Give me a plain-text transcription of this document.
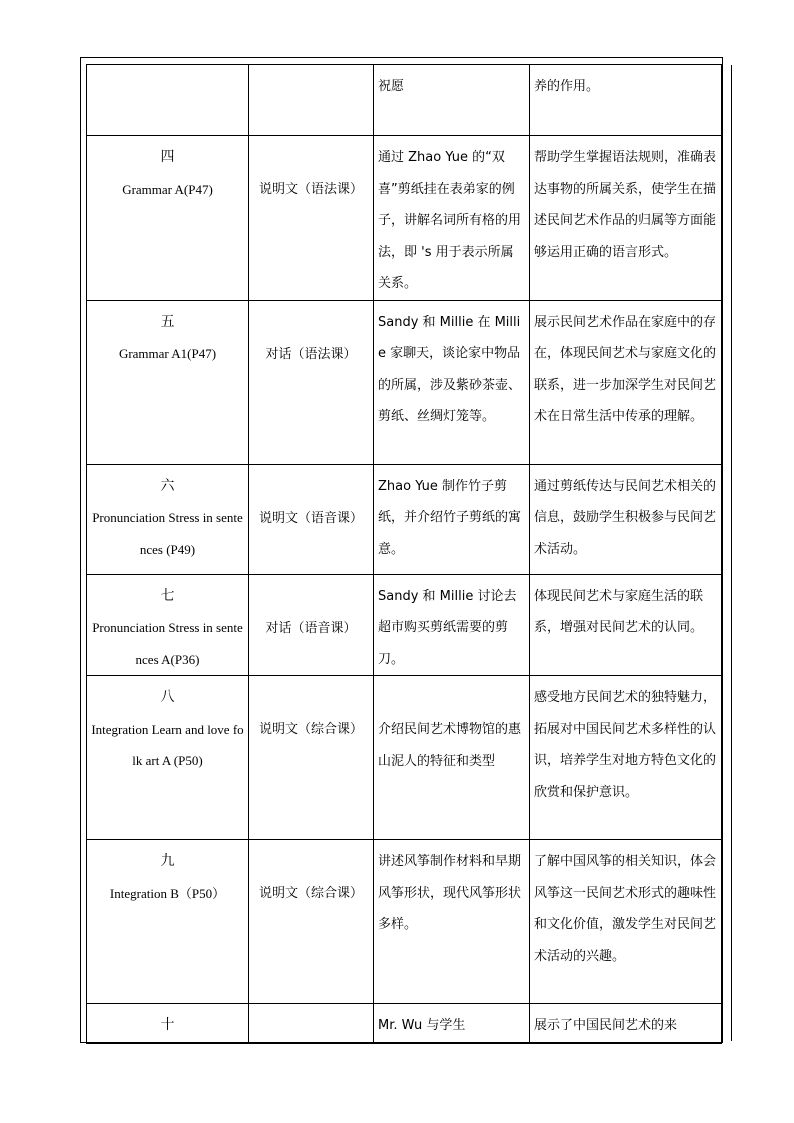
		祝愿	养的作用。

四
Grammar A(P47)	说明文（语法课）	通过 Zhao Yue 的“双喜”剪纸挂在表弟家的例子，讲解名词所有格的用法，即 's 用于表示所属关系。	帮助学生掌握语法规则，准确表达事物的所属关系，使学生在描述民间艺术作品的归属等方面能够运用正确的语言形式。

五
Grammar A1(P47)	对话（语法课）	Sandy 和 Millie 在 Millie 家聊天，谈论家中物品的所属，涉及紫砂茶壶、剪纸、丝绸灯笼等。	展示民间艺术作品在家庭中的存在，体现民间艺术与家庭文化的联系，进一步加深学生对民间艺术在日常生活中传承的理解。

六
Pronunciation Stress in sentences (P49)	说明文（语音课）	Zhao Yue 制作竹子剪纸，并介绍竹子剪纸的寓意。	通过剪纸传达与民间艺术相关的信息，鼓励学生积极参与民间艺术活动。

七
Pronunciation Stress in sentences A(P36)	对话（语音课）	Sandy 和 Millie 讨论去超市购买剪纸需要的剪刀。	体现民间艺术与家庭生活的联系，增强对民间艺术的认同。

八
Integration Learn and love folk art A (P50)	说明文（综合课）	介绍民间艺术博物馆的惠山泥人的特征和类型	感受地方民间艺术的独特魅力，拓展对中国民间艺术多样性的认识，培养学生对地方特色文化的欣赏和保护意识。

九
Integration B（P50）	说明文（综合课）	讲述风筝制作材料和早期风筝形状，现代风筝形状多样。	了解中国风筝的相关知识，体会风筝这一民间艺术形式的趣味性和文化价值，激发学生对民间艺术活动的兴趣。

十		Mr. Wu 与学生	展示了中国民间艺术的来
